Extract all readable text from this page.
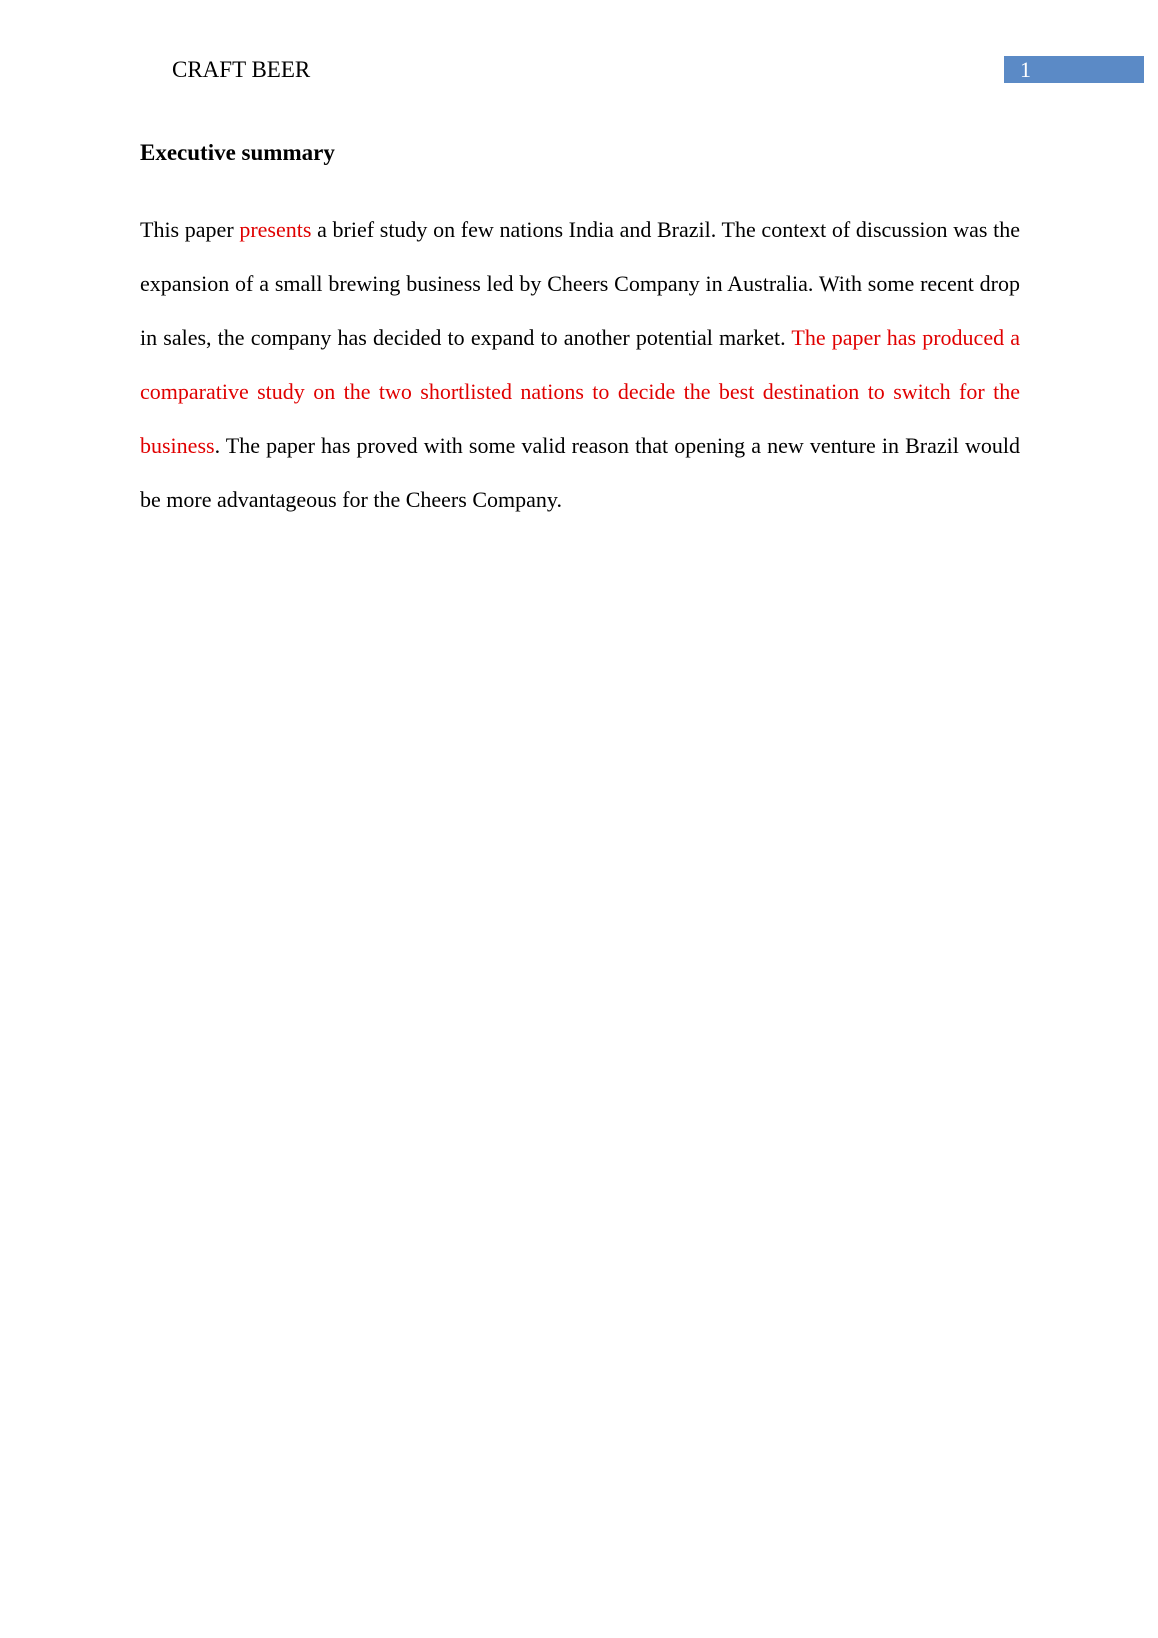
CRAFT BEER	1
Executive summary

This paper presents a brief study on few nations India and Brazil. The context of discussion was the expansion of a small brewing business led by Cheers Company in Australia. With some recent drop in sales, the company has decided to expand to another potential market. The paper has produced a comparative study on the two shortlisted nations to decide the best destination to switch for the business. The paper has proved with some valid reason that opening a new venture in Brazil would be more advantageous for the Cheers Company.
